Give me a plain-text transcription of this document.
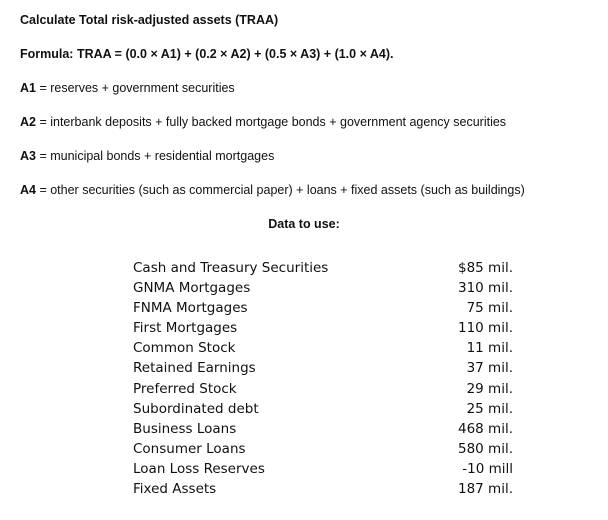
Calculate Total risk-adjusted assets (TRAA)
Formula: TRAA = (0.0 × A1) + (0.2 × A2) + (0.5 × A3) + (1.0 × A4).
A1 = reserves + government securities
A2 = interbank deposits + fully backed mortgage bonds + government agency securities
A3 = municipal bonds + residential mortgages
A4 = other securities (such as commercial paper) + loans + fixed assets (such as buildings)
Data to use:
Cash and Treasury Securities	$85 mil.
GNMA Mortgages	310 mil.
FNMA Mortgages	75 mil.
First Mortgages	110 mil.
Common Stock	11 mil.
Retained Earnings	37 mil.
Preferred Stock	29 mil.
Subordinated debt	25 mil.
Business Loans	468 mil.
Consumer Loans	580 mil.
Loan Loss Reserves	-10 mill
Fixed Assets	187 mil.
